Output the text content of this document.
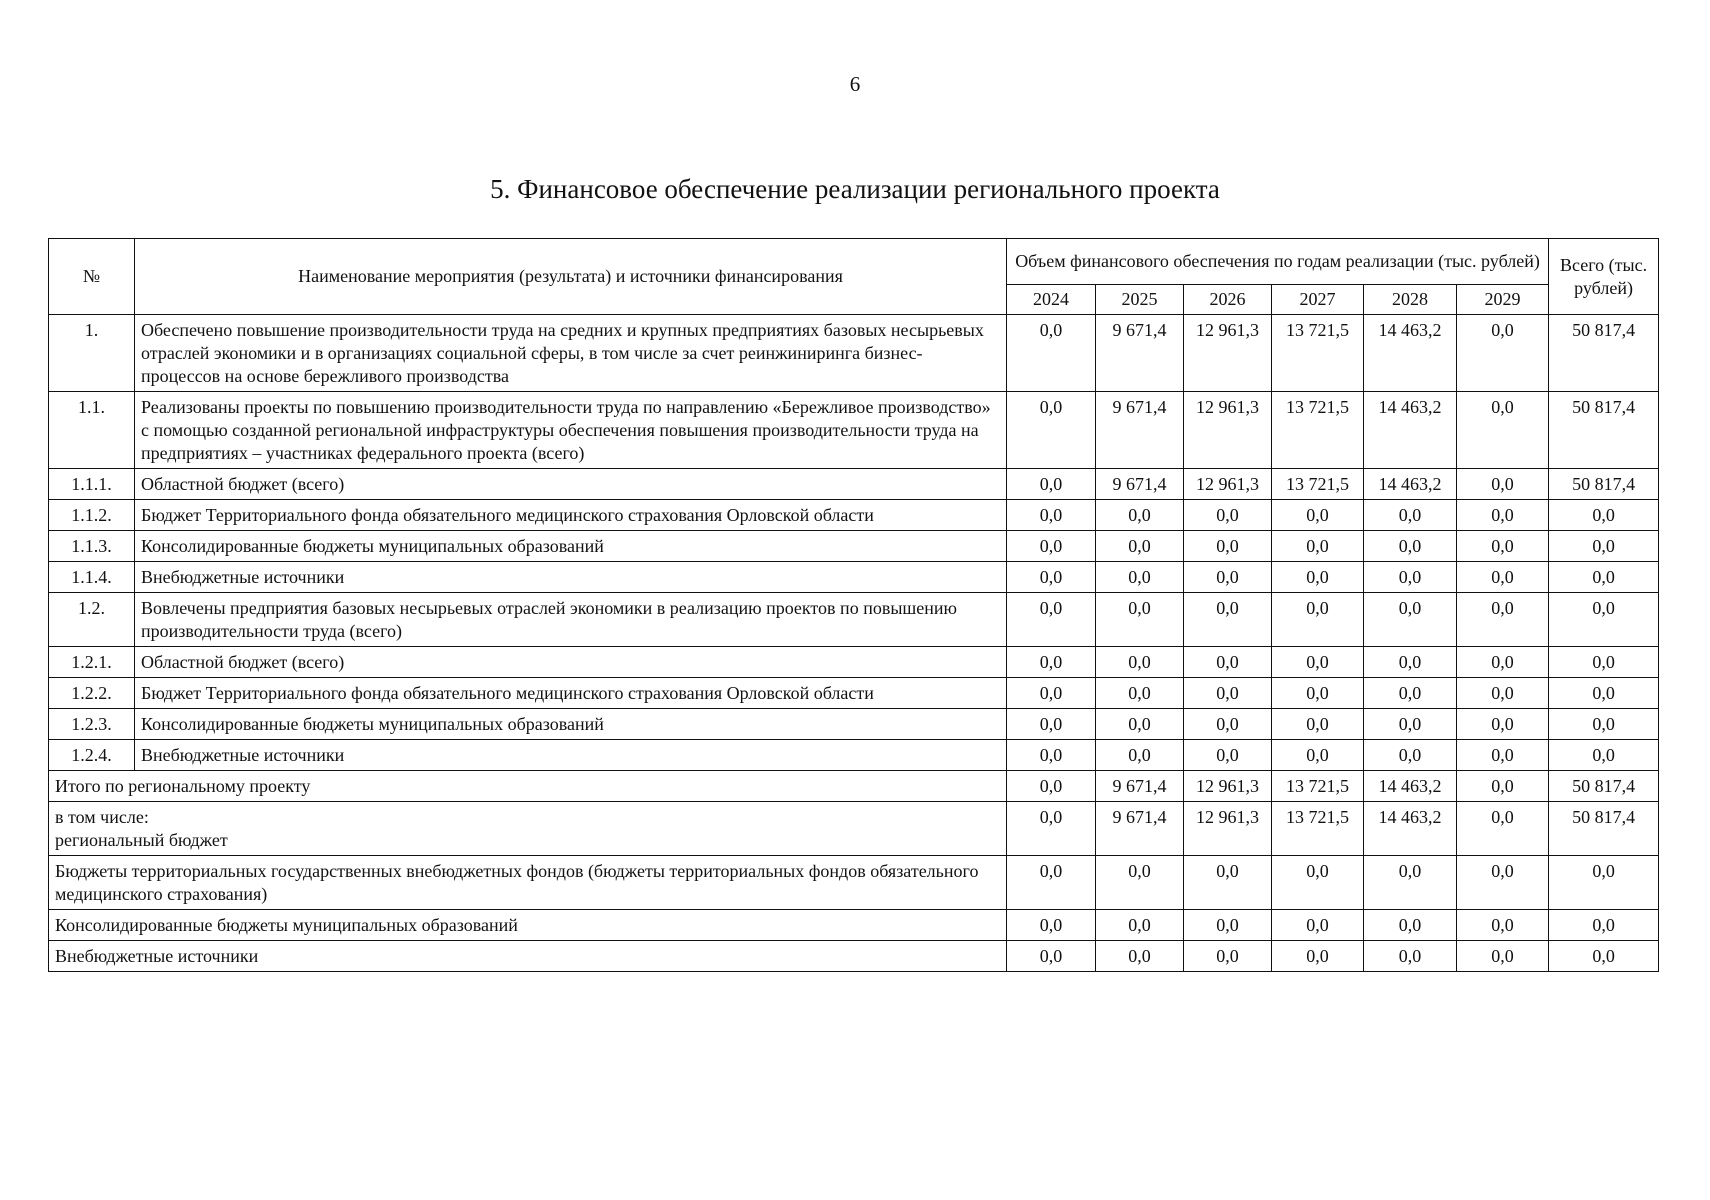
6
5. Финансовое обеспечение реализации регионального проекта
№	Наименование мероприятия (результата) и источники финансирования	Объем финансового обеспечения по годам реализации (тыс. рублей)						Всего (тыс. рублей)
		2024	2025	2026	2027	2028	2029	
1.	Обеспечено повышение производительности труда на средних и крупных предприятиях базовых несырьевых отраслей экономики и в организациях социальной сферы, в том числе за счет реинжиниринга бизнес-процессов на основе бережливого производства	0,0	9 671,4	12 961,3	13 721,5	14 463,2	0,0	50 817,4
1.1.	Реализованы проекты по повышению производительности труда по направлению «Бережливое производство» с помощью созданной региональной инфраструктуры обеспечения повышения производительности труда на предприятиях – участниках федерального проекта (всего)	0,0	9 671,4	12 961,3	13 721,5	14 463,2	0,0	50 817,4
1.1.1.	Областной бюджет (всего)	0,0	9 671,4	12 961,3	13 721,5	14 463,2	0,0	50 817,4
1.1.2.	Бюджет Территориального фонда обязательного медицинского страхования Орловской области	0,0	0,0	0,0	0,0	0,0	0,0	0,0
1.1.3.	Консолидированные бюджеты муниципальных образований	0,0	0,0	0,0	0,0	0,0	0,0	0,0
1.1.4.	Внебюджетные источники	0,0	0,0	0,0	0,0	0,0	0,0	0,0
1.2.	Вовлечены предприятия базовых несырьевых отраслей экономики в реализацию проектов по повышению производительности труда (всего)	0,0	0,0	0,0	0,0	0,0	0,0	0,0
1.2.1.	Областной бюджет (всего)	0,0	0,0	0,0	0,0	0,0	0,0	0,0
1.2.2.	Бюджет Территориального фонда обязательного медицинского страхования Орловской области	0,0	0,0	0,0	0,0	0,0	0,0	0,0
1.2.3.	Консолидированные бюджеты муниципальных образований	0,0	0,0	0,0	0,0	0,0	0,0	0,0
1.2.4.	Внебюджетные источники	0,0	0,0	0,0	0,0	0,0	0,0	0,0
Итого по региональному проекту		0,0	9 671,4	12 961,3	13 721,5	14 463,2	0,0	50 817,4
в том числе:
региональный бюджет		0,0	9 671,4	12 961,3	13 721,5	14 463,2	0,0	50 817,4
Бюджеты территориальных государственных внебюджетных фондов (бюджеты территориальных фондов обязательного медицинского страхования)		0,0	0,0	0,0	0,0	0,0	0,0	0,0
Консолидированные бюджеты муниципальных образований		0,0	0,0	0,0	0,0	0,0	0,0	0,0
Внебюджетные источники		0,0	0,0	0,0	0,0	0,0	0,0	0,0
